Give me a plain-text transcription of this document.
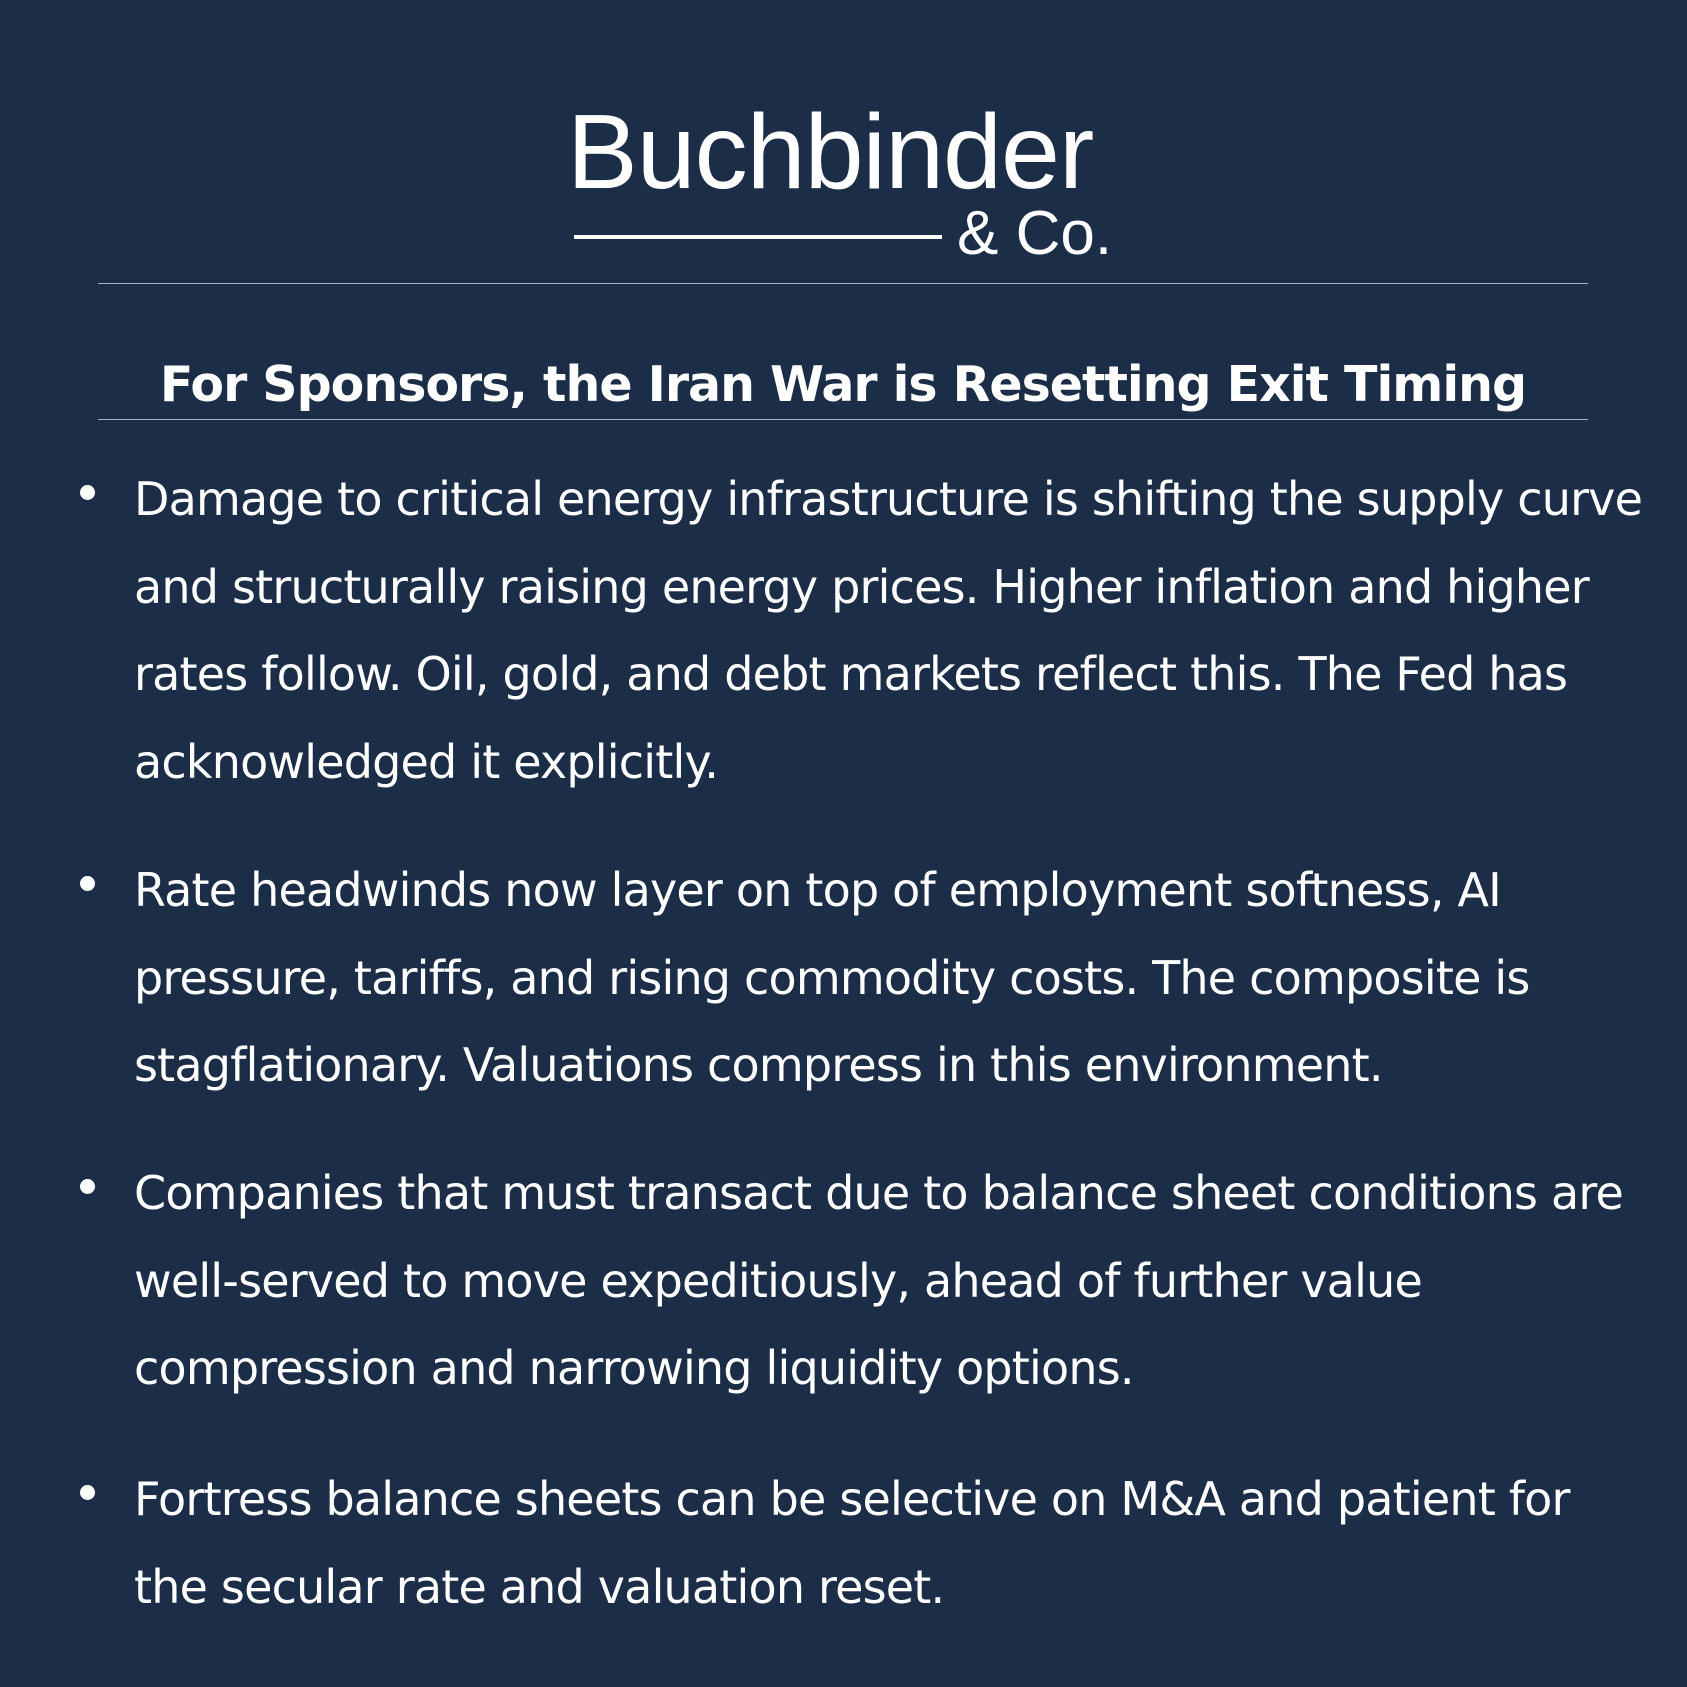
Buchbinder
& Co.
For Sponsors, the Iran War is Resetting Exit Timing

Damage to critical energy infrastructure is shifting the supply curve and structurally raising energy prices. Higher inflation and higher rates follow. Oil, gold, and debt markets reflect this. The Fed has acknowledged it explicitly.

Rate headwinds now layer on top of employment softness, AI pressure, tariffs, and rising commodity costs. The composite is stagflationary. Valuations compress in this environment.

Companies that must transact due to balance sheet conditions are well-served to move expeditiously, ahead of further value compression and narrowing liquidity options.

Fortress balance sheets can be selective on M&A and patient for the secular rate and valuation reset.
